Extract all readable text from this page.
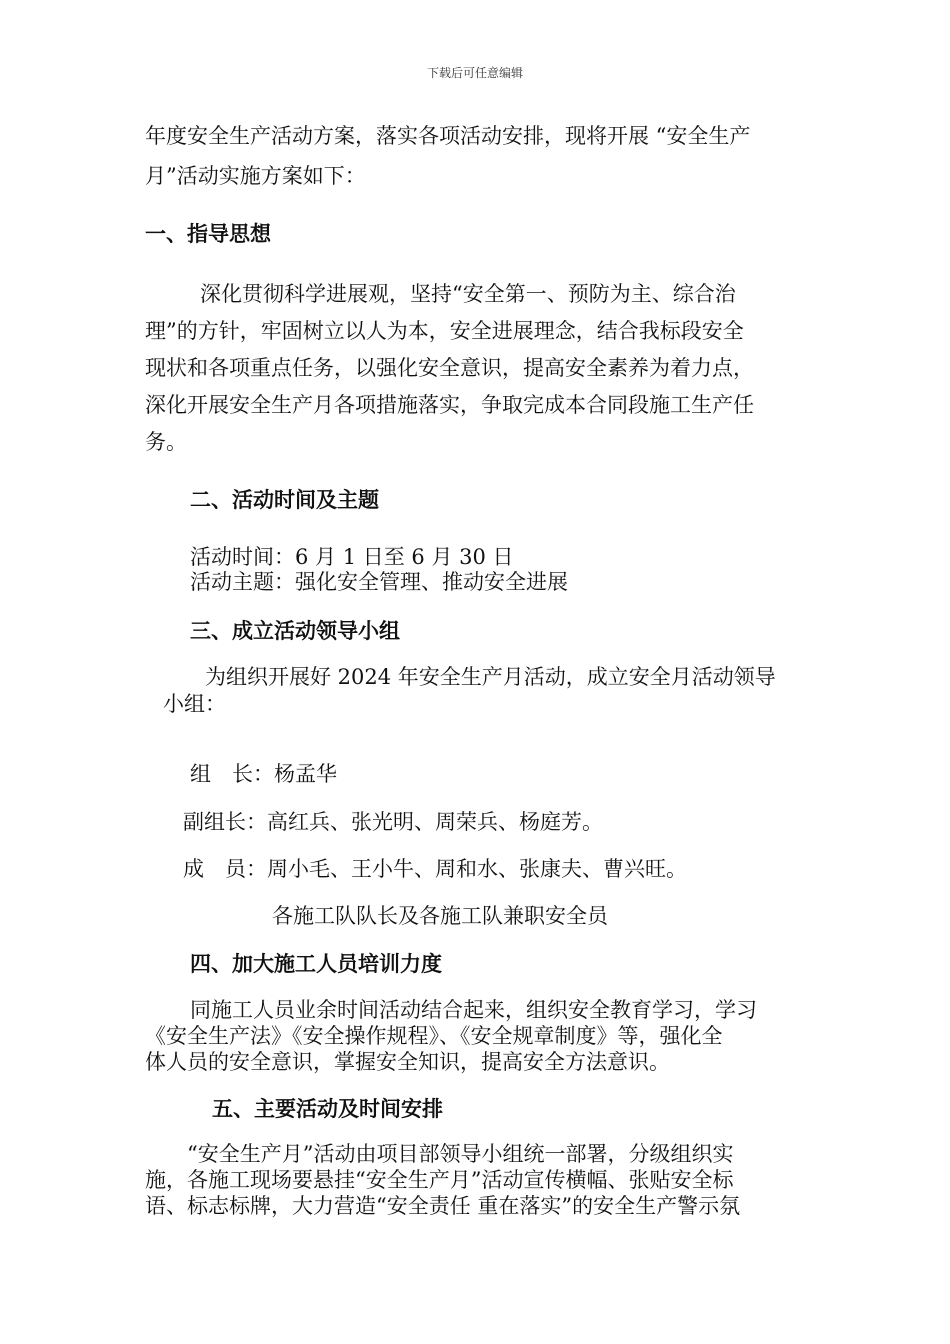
下载后可任意编辑
年度安全生产活动方案，落实各项活动安排，现将开展 “安全生产
月”活动实施方案如下：
一、指导思想
深化贯彻科学进展观，坚持“安全第一、预防为主、综合治
理”的方针，牢固树立以人为本，安全进展理念，结合我标段安全
现状和各项重点任务，以强化安全意识，提高安全素养为着力点，
深化开展安全生产月各项措施落实，争取完成本合同段施工生产任
务。
二、活动时间及主题
活动时间：6 月 1 日至 6 月 30 日
活动主题：强化安全管理、推动安全进展
三、成立活动领导小组
为组织开展好 2024 年安全生产月活动，成立安全月活动领导
小组：
组　长：杨孟华
副组长：高红兵、张光明、周荣兵、杨庭芳。
成　员：周小毛、王小牛、周和水、张康夫、曹兴旺。
各施工队队长及各施工队兼职安全员
四、加大施工人员培训力度
同施工人员业余时间活动结合起来，组织安全教育学习，学习
《安全生产法》《安全操作规程》、《安全规章制度》等，强化全
体人员的安全意识，掌握安全知识，提高安全方法意识。
五、主要活动及时间安排
“安全生产月”活动由项目部领导小组统一部署，分级组织实
施，各施工现场要悬挂“安全生产月”活动宣传横幅、张贴安全标
语、标志标牌，大力营造“安全责任 重在落实”的安全生产警示氛
